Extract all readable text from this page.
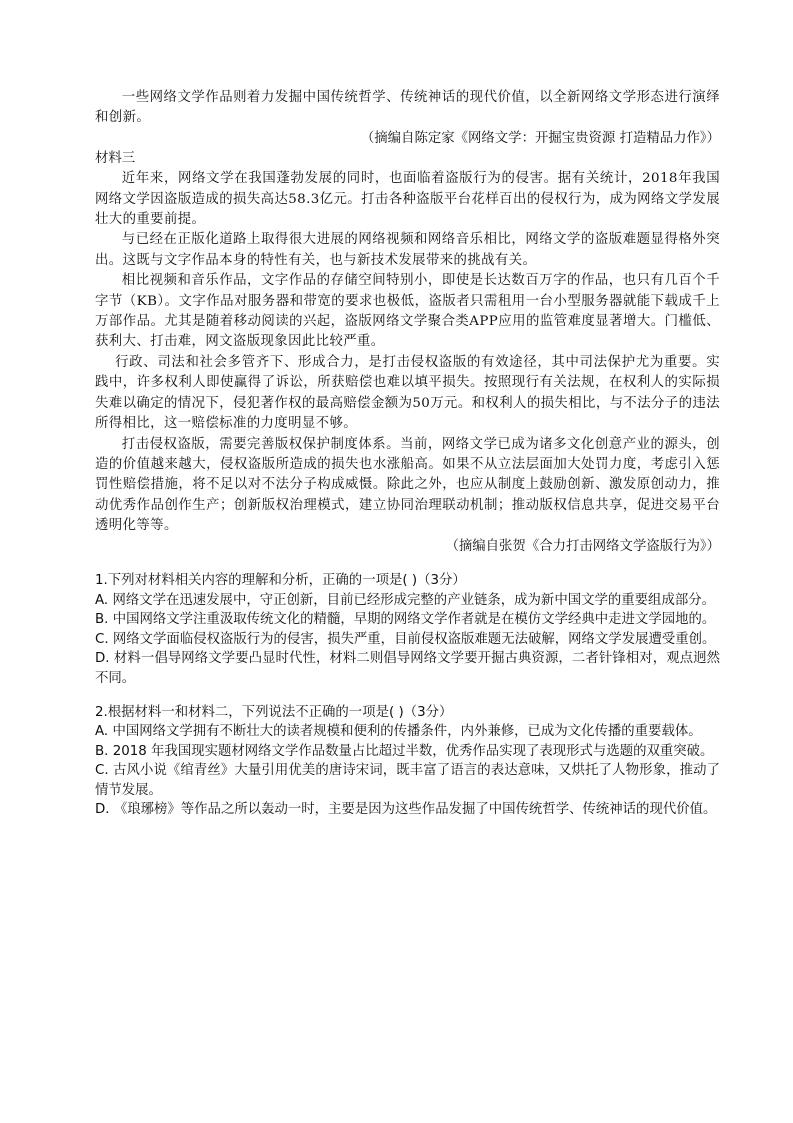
一些网络文学作品则着力发掘中国传统哲学、传统神话的现代价值，以全新网络文学形态进行演绎和创新。

（摘编自陈定家《网络文学：开掘宝贵资源 打造精品力作》）

材料三

近年来，网络文学在我国蓬勃发展的同时，也面临着盗版行为的侵害。据有关统计，2018年我国网络文学因盗版造成的损失高达58.3亿元。打击各种盗版平台花样百出的侵权行为，成为网络文学发展壮大的重要前提。

与已经在正版化道路上取得很大进展的网络视频和网络音乐相比，网络文学的盗版难题显得格外突出。这既与文字作品本身的特性有关，也与新技术发展带来的挑战有关。

相比视频和音乐作品，文字作品的存储空间特别小，即使是长达数百万字的作品，也只有几百个千字节（KB）。文字作品对服务器和带宽的要求也极低，盗版者只需租用一台小型服务器就能下载成千上万部作品。尤其是随着移动阅读的兴起，盗版网络文学聚合类APP应用的监管难度显著增大。门槛低、获利大、打击难，网文盗版现象因此比较严重。

行政、司法和社会多管齐下、形成合力，是打击侵权盗版的有效途径，其中司法保护尤为重要。实践中，许多权利人即使赢得了诉讼，所获赔偿也难以填平损失。按照现行有关法规，在权利人的实际损失难以确定的情况下，侵犯著作权的最高赔偿金额为50万元。和权利人的损失相比，与不法分子的违法所得相比，这一赔偿标准的力度明显不够。

打击侵权盗版，需要完善版权保护制度体系。当前，网络文学已成为诸多文化创意产业的源头，创造的价值越来越大，侵权盗版所造成的损失也水涨船高。如果不从立法层面加大处罚力度，考虑引入惩罚性赔偿措施，将不足以对不法分子构成威慑。除此之外，也应从制度上鼓励创新、激发原创动力，推动优秀作品创作生产；创新版权治理模式，建立协同治理联动机制；推动版权信息共享，促进交易平台透明化等等。

（摘编自张贺《合力打击网络文学盗版行为》）

1.下列对材料相关内容的理解和分析，正确的一项是( )（3分）

A. 网络文学在迅速发展中，守正创新，目前已经形成完整的产业链条，成为新中国文学的重要组成部分。

B. 中国网络文学注重汲取传统文化的精髓，早期的网络文学作者就是在模仿文学经典中走进文学园地的。

C. 网络文学面临侵权盗版行为的侵害，损失严重，目前侵权盗版难题无法破解，网络文学发展遭受重创。

D. 材料一倡导网络文学要凸显时代性，材料二则倡导网络文学要开掘古典资源，二者针锋相对，观点迥然不同。

2.根据材料一和材料二，下列说法不正确的一项是( )（3分）

A. 中国网络文学拥有不断壮大的读者规模和便利的传播条件，内外兼修，已成为文化传播的重要载体。

B. 2018 年我国现实题材网络文学作品数量占比超过半数，优秀作品实现了表现形式与选题的双重突破。

C. 古风小说《绾青丝》大量引用优美的唐诗宋词，既丰富了语言的表达意味，又烘托了人物形象，推动了情节发展。

D. 《琅琊榜》等作品之所以轰动一时，主要是因为这些作品发掘了中国传统哲学、传统神话的现代价值。
